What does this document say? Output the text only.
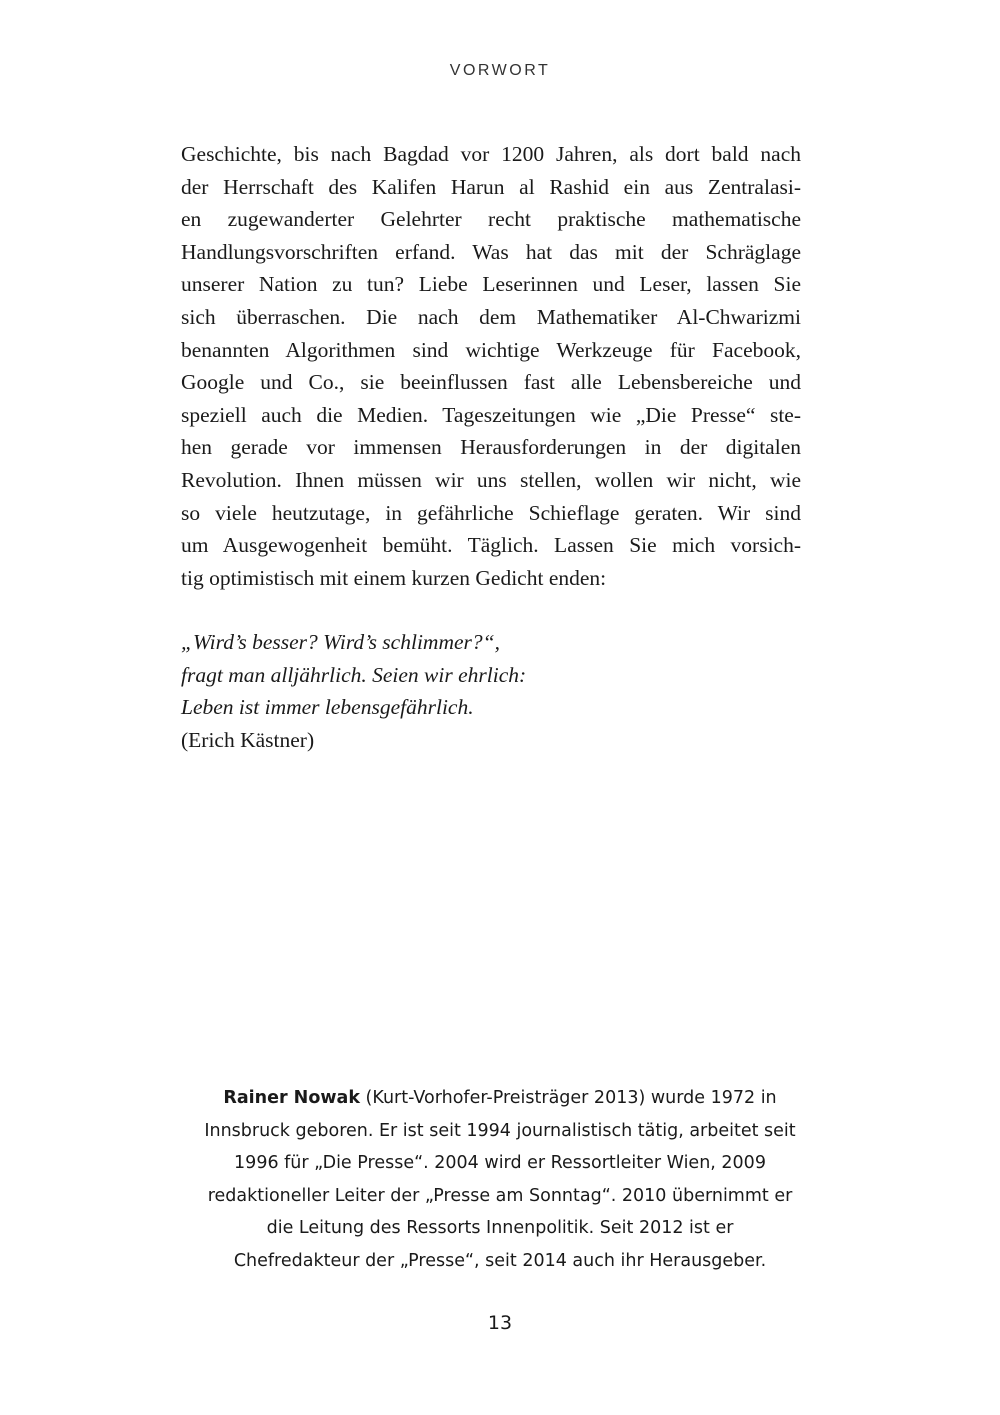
VORWORT
Geschichte, bis nach Bagdad vor 1200 Jahren, als dort bald nach
der Herrschaft des Kalifen Harun al Rashid ein aus Zentralasi-
en zugewanderter Gelehrter recht praktische mathematische
Handlungsvorschriften erfand. Was hat das mit der Schräglage
unserer Nation zu tun? Liebe Leserinnen und Leser, lassen Sie
sich überraschen. Die nach dem Mathematiker Al-Chwarizmi
benannten Algorithmen sind wichtige Werkzeuge für Facebook,
Google und Co., sie beeinflussen fast alle Lebensbereiche und
speziell auch die Medien. Tageszeitungen wie „Die Presse“ ste-
hen gerade vor immensen Herausforderungen in der digitalen
Revolution. Ihnen müssen wir uns stellen, wollen wir nicht, wie
so viele heutzutage, in gefährliche Schieflage geraten. Wir sind
um Ausgewogenheit bemüht. Täglich. Lassen Sie mich vorsich-
tig optimistisch mit einem kurzen Gedicht enden:
„Wird’s besser? Wird’s schlimmer?“,
fragt man alljährlich. Seien wir ehrlich:
Leben ist immer lebensgefährlich.
(Erich Kästner)
Rainer Nowak (Kurt-Vorhofer-Preisträger 2013) wurde 1972 in
Innsbruck geboren. Er ist seit 1994 journalistisch tätig, arbeitet seit
1996 für „Die Presse“. 2004 wird er Ressortleiter Wien, 2009
redaktioneller Leiter der „Presse am Sonntag“. 2010 übernimmt er
die Leitung des Ressorts Innenpolitik. Seit 2012 ist er
Chefredakteur der „Presse“, seit 2014 auch ihr Herausgeber.
13
